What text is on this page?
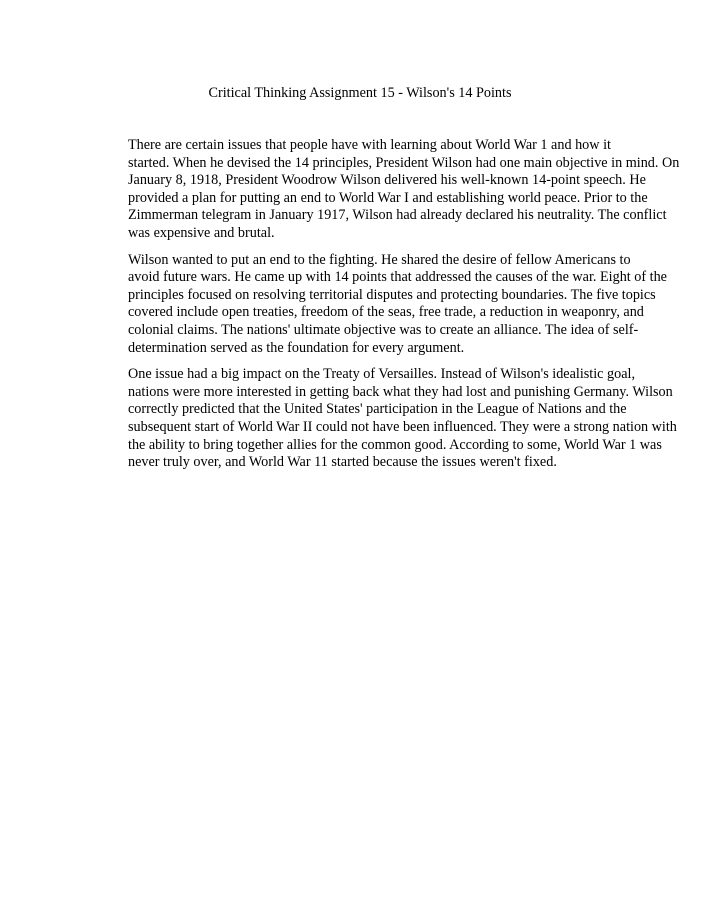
Critical Thinking Assignment 15 - Wilson's 14 Points

There are certain issues that people have with learning about World War 1 and how it
started. When he devised the 14 principles, President Wilson had one main objective in mind. On
January 8, 1918, President Woodrow Wilson delivered his well-known 14-point speech. He
provided a plan for putting an end to World War I and establishing world peace. Prior to the
Zimmerman telegram in January 1917, Wilson had already declared his neutrality. The conflict
was expensive and brutal.

Wilson wanted to put an end to the fighting. He shared the desire of fellow Americans to
avoid future wars. He came up with 14 points that addressed the causes of the war. Eight of the
principles focused on resolving territorial disputes and protecting boundaries. The five topics
covered include open treaties, freedom of the seas, free trade, a reduction in weaponry, and
colonial claims. The nations' ultimate objective was to create an alliance. The idea of self-
determination served as the foundation for every argument.

One issue had a big impact on the Treaty of Versailles. Instead of Wilson's idealistic goal,
nations were more interested in getting back what they had lost and punishing Germany. Wilson
correctly predicted that the United States' participation in the League of Nations and the
subsequent start of World War II could not have been influenced. They were a strong nation with
the ability to bring together allies for the common good. According to some, World War 1 was
never truly over, and World War 11 started because the issues weren't fixed.
